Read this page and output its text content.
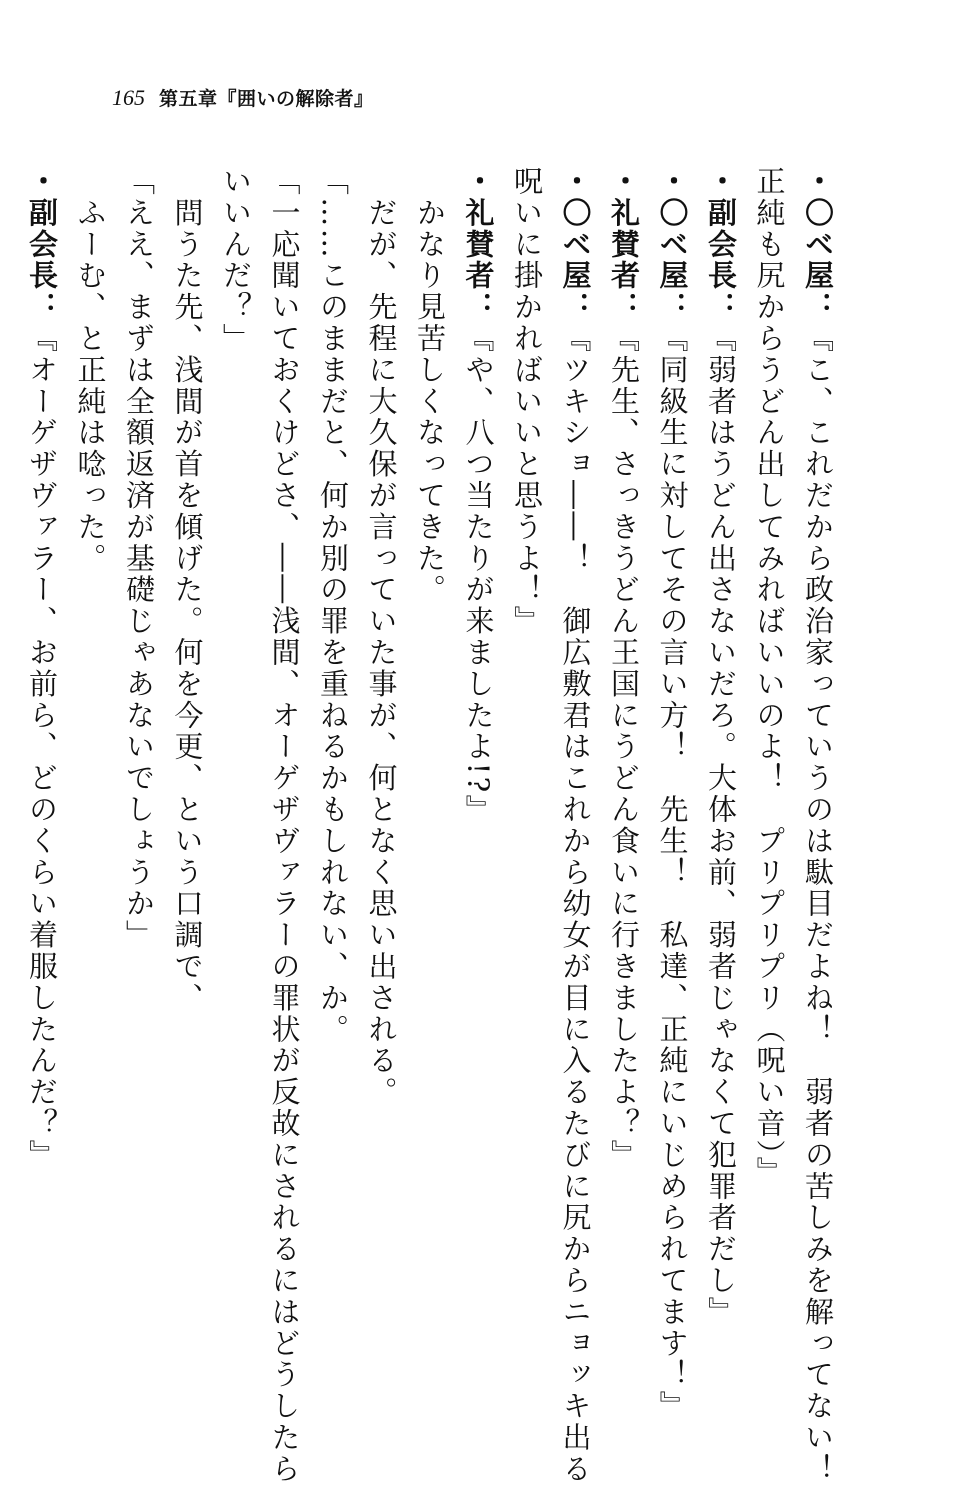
165 第五章『囲いの解除者』
・〇ベ屋：『こ、これだから政治家っていうのは駄目だよね！　弱者の苦しみを解ってない！
正純も尻からうどん出してみればいいのよ！　プリプリプリ（呪い音）』
・副会長：『弱者はうどん出さないだろ。大体お前、弱者じゃなくて犯罪者だし』
・〇ベ屋：『同級生に対してその言い方！　先生！　私達、正純にいじめられてます！』
・礼賛者：『先生、さっきうどん王国にうどん食いに行きましたよ？』
・〇ベ屋：『ツキショ――！　御広敷君はこれから幼女が目に入るたびに尻からニョッキ出る
呪いに掛かればいいと思うよ！』
・礼賛者：『や、八つ当たりが来ましたよ!?』
　かなり見苦しくなってきた。
　だが、先程に大久保が言っていた事が、何となく思い出される。
「……このままだと、何か別の罪を重ねるかもしれない、か。
「一応聞いておくけどさ、――浅間、オーゲザヴァラーの罪状が反故にされるにはどうしたら
いいんだ？」
　問うた先、浅間が首を傾げた。何を今更、という口調で、
「ええ、まずは全額返済が基礎じゃあないでしょうか」
　ふーむ、と正純は唸った。
・副会長：『オーゲザヴァラー、お前ら、どのくらい着服したんだ？』
